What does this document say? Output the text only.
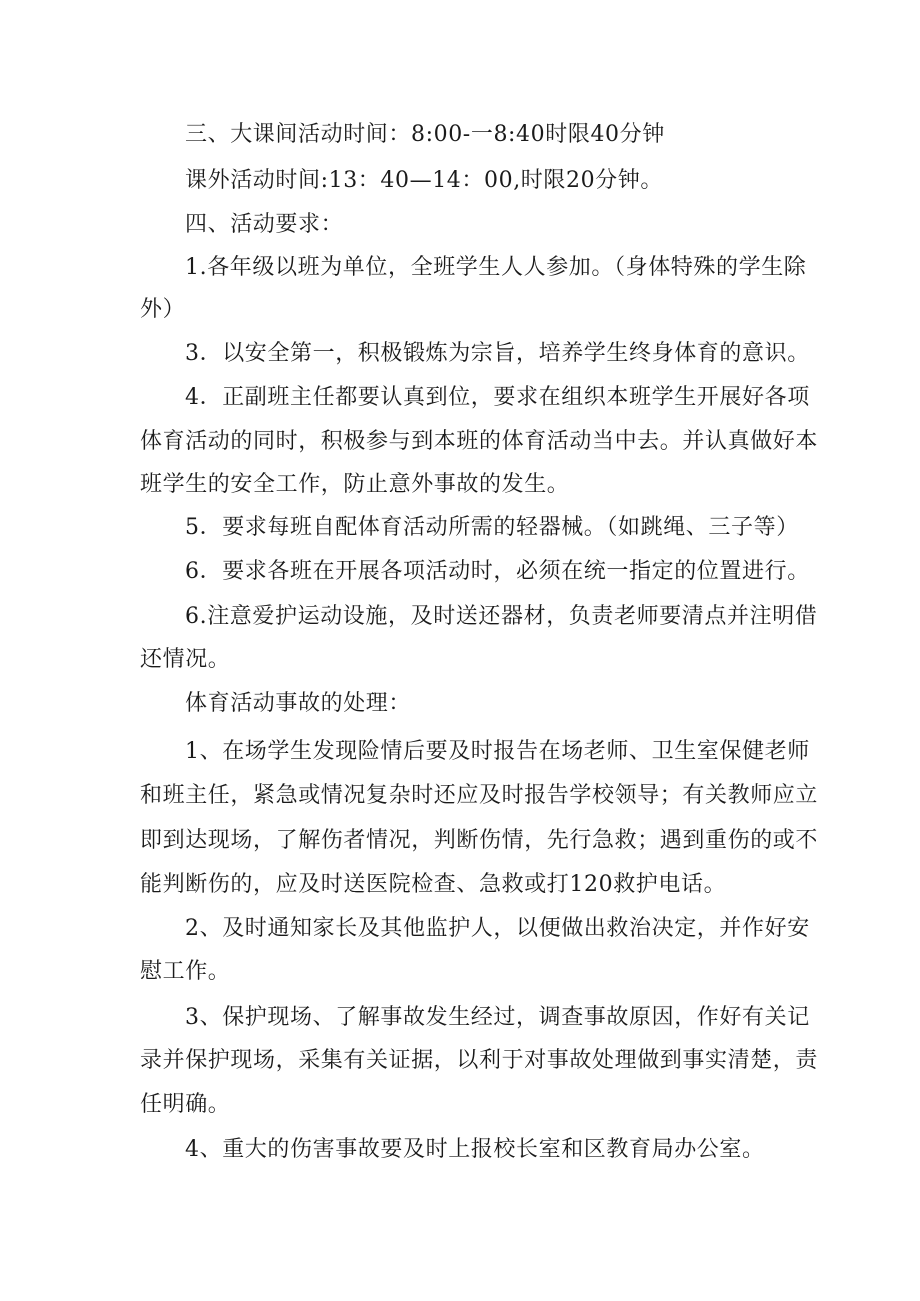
三、大课间活动时间：8:00-一8:40时限40分钟
课外活动时间:13：40—14：00,时限20分钟。
四、活动要求：
1.各年级以班为单位，全班学生人人参加。（身体特殊的学生除
外）
3．以安全第一，积极锻炼为宗旨，培养学生终身体育的意识。
4．正副班主任都要认真到位，要求在组织本班学生开展好各项
体育活动的同时，积极参与到本班的体育活动当中去。并认真做好本
班学生的安全工作，防止意外事故的发生。
5．要求每班自配体育活动所需的轻器械。（如跳绳、三子等）
6．要求各班在开展各项活动时，必须在统一指定的位置进行。
6.注意爱护运动设施，及时送还器材，负责老师要清点并注明借
还情况。
体育活动事故的处理：
1、在场学生发现险情后要及时报告在场老师、卫生室保健老师
和班主任，紧急或情况复杂时还应及时报告学校领导；有关教师应立
即到达现场，了解伤者情况，判断伤情，先行急救；遇到重伤的或不
能判断伤的，应及时送医院检查、急救或打120救护电话。
2、及时通知家长及其他监护人，以便做出救治决定，并作好安
慰工作。
3、保护现场、了解事故发生经过，调查事故原因，作好有关记
录并保护现场，采集有关证据，以利于对事故处理做到事实清楚，责
任明确。
4、重大的伤害事故要及时上报校长室和区教育局办公室。
